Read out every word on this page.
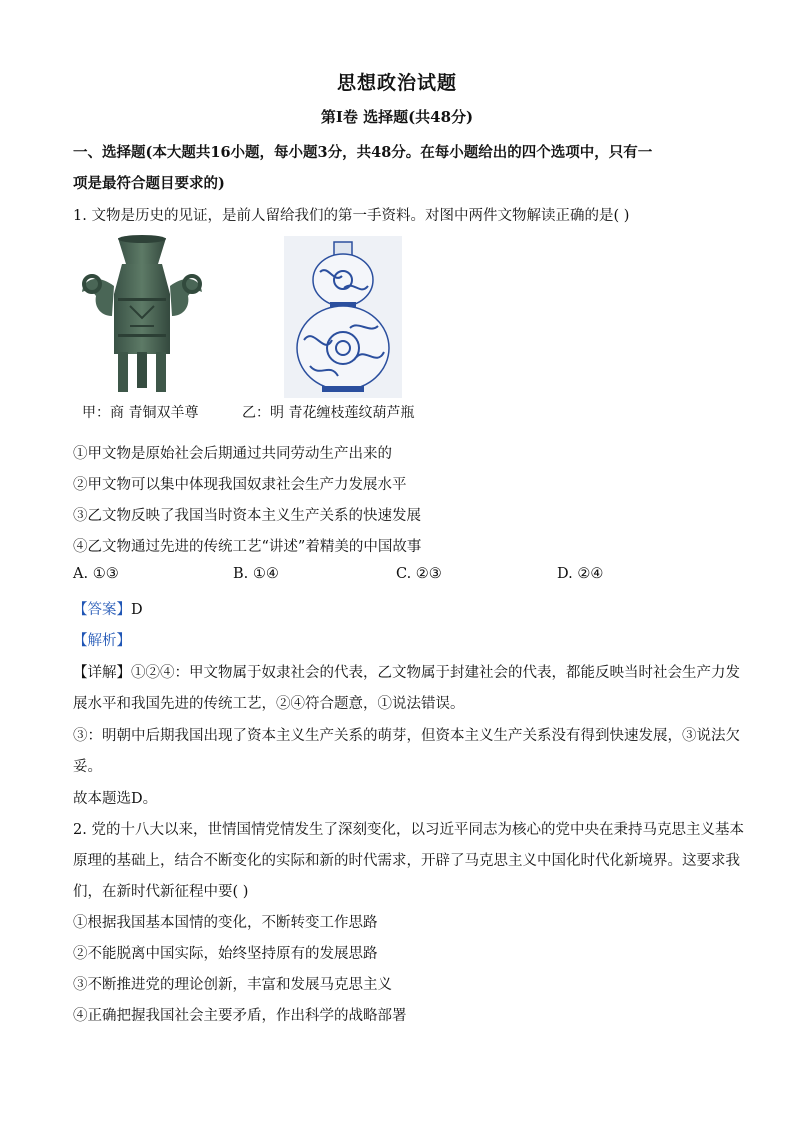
思想政治试题
第Ⅰ卷 选择题(共48分)
一、选择题(本大题共16小题，每小题3分，共48分。在每小题给出的四个选项中，只有一
项是最符合题目要求的)
1. 文物是历史的见证，是前人留给我们的第一手资料。对图中两件文物解读正确的是( )
甲：商 青铜双羊尊	乙：明 青花缠枝莲纹葫芦瓶
①甲文物是原始社会后期通过共同劳动生产出来的
②甲文物可以集中体现我国奴隶社会生产力发展水平
③乙文物反映了我国当时资本主义生产关系的快速发展
④乙文物通过先进的传统工艺“讲述”着精美的中国故事
A. ①③	B. ①④	C. ②③	D. ②④
【答案】D
【解析】
【详解】①②④：甲文物属于奴隶社会的代表，乙文物属于封建社会的代表，都能反映当时社会生产力发
展水平和我国先进的传统工艺，②④符合题意，①说法错误。
③：明朝中后期我国出现了资本主义生产关系的萌芽，但资本主义生产关系没有得到快速发展，③说法欠
妥。
故本题选D。
2. 党的十八大以来，世情国情党情发生了深刻变化，以习近平同志为核心的党中央在秉持马克思主义基本
原理的基础上，结合不断变化的实际和新的时代需求，开辟了马克思主义中国化时代化新境界。这要求我
们，在新时代新征程中要( )
①根据我国基本国情的变化，不断转变工作思路
②不能脱离中国实际，始终坚持原有的发展思路
③不断推进党的理论创新，丰富和发展马克思主义
④正确把握我国社会主要矛盾，作出科学的战略部署
